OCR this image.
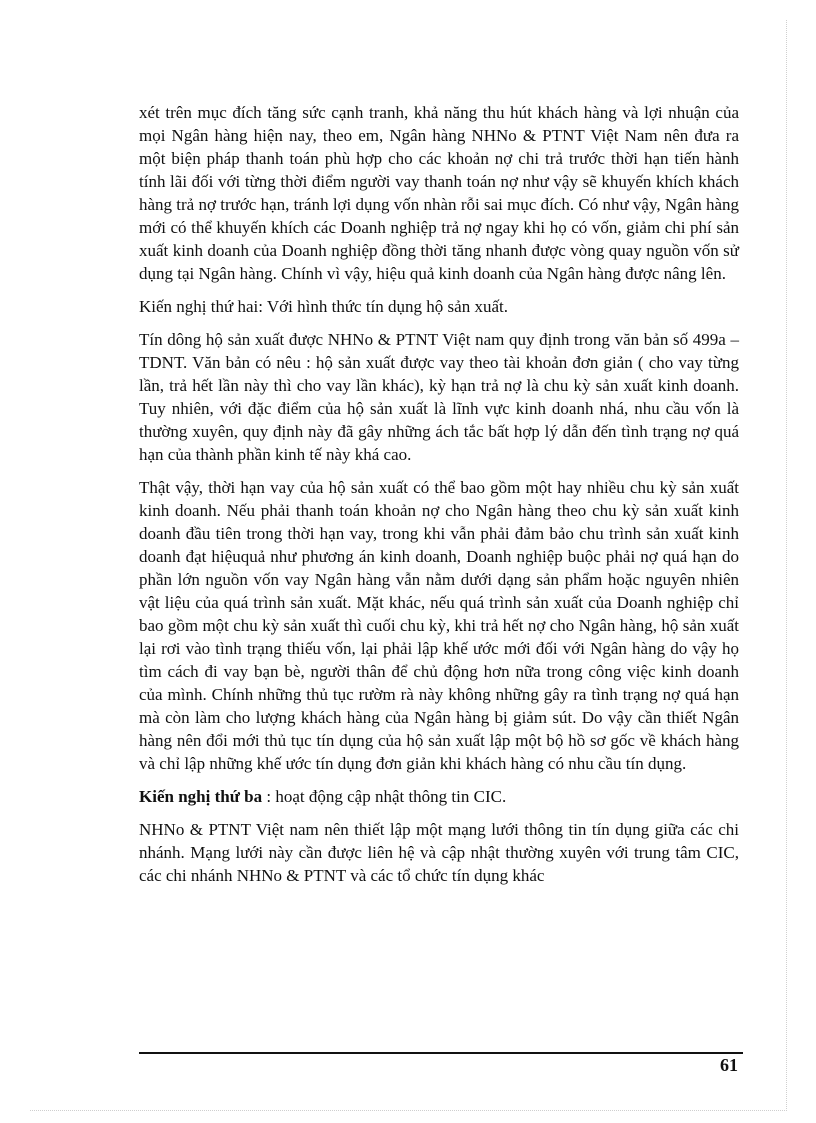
xét trên mục đích tăng sức cạnh tranh, khả năng thu hút khách hàng và lợi nhuận của mọi Ngân hàng hiện nay, theo em, Ngân hàng NHNo & PTNT Việt Nam nên đưa ra một biện pháp thanh toán phù hợp cho các khoản nợ chi trả trước thời hạn tiến hành tính lãi đối với từng thời điểm người vay thanh toán nợ như vậy sẽ khuyến khích khách hàng trả nợ trước hạn, tránh lợi dụng vốn nhàn rỗi sai mục đích. Có như vậy, Ngân hàng mới có thể khuyến khích các Doanh nghiệp trả nợ ngay khi họ có vốn, giảm chi phí sản xuất kinh doanh của Doanh nghiệp đồng thời tăng nhanh được vòng quay nguồn vốn sử dụng tại Ngân hàng. Chính vì vậy, hiệu quả kinh doanh của Ngân hàng được nâng lên.

Kiến nghị thứ hai: Với hình thức tín dụng hộ sản xuất.

Tín dông hộ sản xuất được NHNo & PTNT Việt nam quy định trong văn bản số 499a – TDNT. Văn bản có nêu : hộ sản xuất được vay theo tài khoản đơn giản ( cho vay từng lần, trả hết lần này thì cho vay lần khác), kỳ hạn trả nợ là chu kỳ sản xuất kinh doanh. Tuy nhiên, với đặc điểm của hộ sản xuất là lĩnh vực kinh doanh nhá, nhu cầu vốn là thường xuyên, quy định này đã gây những ách tắc bất hợp lý dẫn đến tình trạng nợ quá hạn của thành phần kinh tế này khá cao.

Thật vậy, thời hạn vay của hộ sản xuất có thể bao gồm một hay nhiều chu kỳ sản xuất kinh doanh. Nếu phải thanh toán khoản nợ cho Ngân hàng theo chu kỳ sản xuất kinh doanh đầu tiên trong thời hạn vay, trong khi vẫn phải đảm bảo chu trình sản xuất kinh doanh đạt hiệuquả như phương án kinh doanh, Doanh nghiệp buộc phải nợ quá hạn do phần lớn nguồn vốn vay Ngân hàng vẫn nằm dưới dạng sản phẩm hoặc nguyên nhiên vật liệu của quá trình sản xuất. Mặt khác, nếu quá trình sản xuất của Doanh nghiệp chỉ bao gồm một chu kỳ sản xuất thì cuối chu kỳ, khi trả hết nợ cho Ngân hàng, hộ sản xuất lại rơi vào tình trạng thiếu vốn, lại phải lập khế ước mới đối với Ngân hàng do vậy họ tìm cách đi vay bạn bè, người thân để chủ động hơn nữa trong công việc kinh doanh của mình. Chính những thủ tục rườm rà này không những gây ra tình trạng nợ quá hạn mà còn làm cho lượng khách hàng của Ngân hàng bị giảm sút. Do vậy cần thiết Ngân hàng nên đổi mới thủ tục tín dụng của hộ sản xuất lập một bộ hồ sơ gốc về khách hàng và chỉ lập những khế ước tín dụng đơn giản khi khách hàng có nhu cầu tín dụng.

Kiến nghị thứ ba : hoạt động cập nhật thông tin CIC.

NHNo & PTNT Việt nam nên thiết lập một mạng lưới thông tin tín dụng giữa các chi nhánh. Mạng lưới này cần được liên hệ và cập nhật thường xuyên với trung tâm CIC, các chi nhánh NHNo & PTNT và các tổ chức tín dụng khác

61
